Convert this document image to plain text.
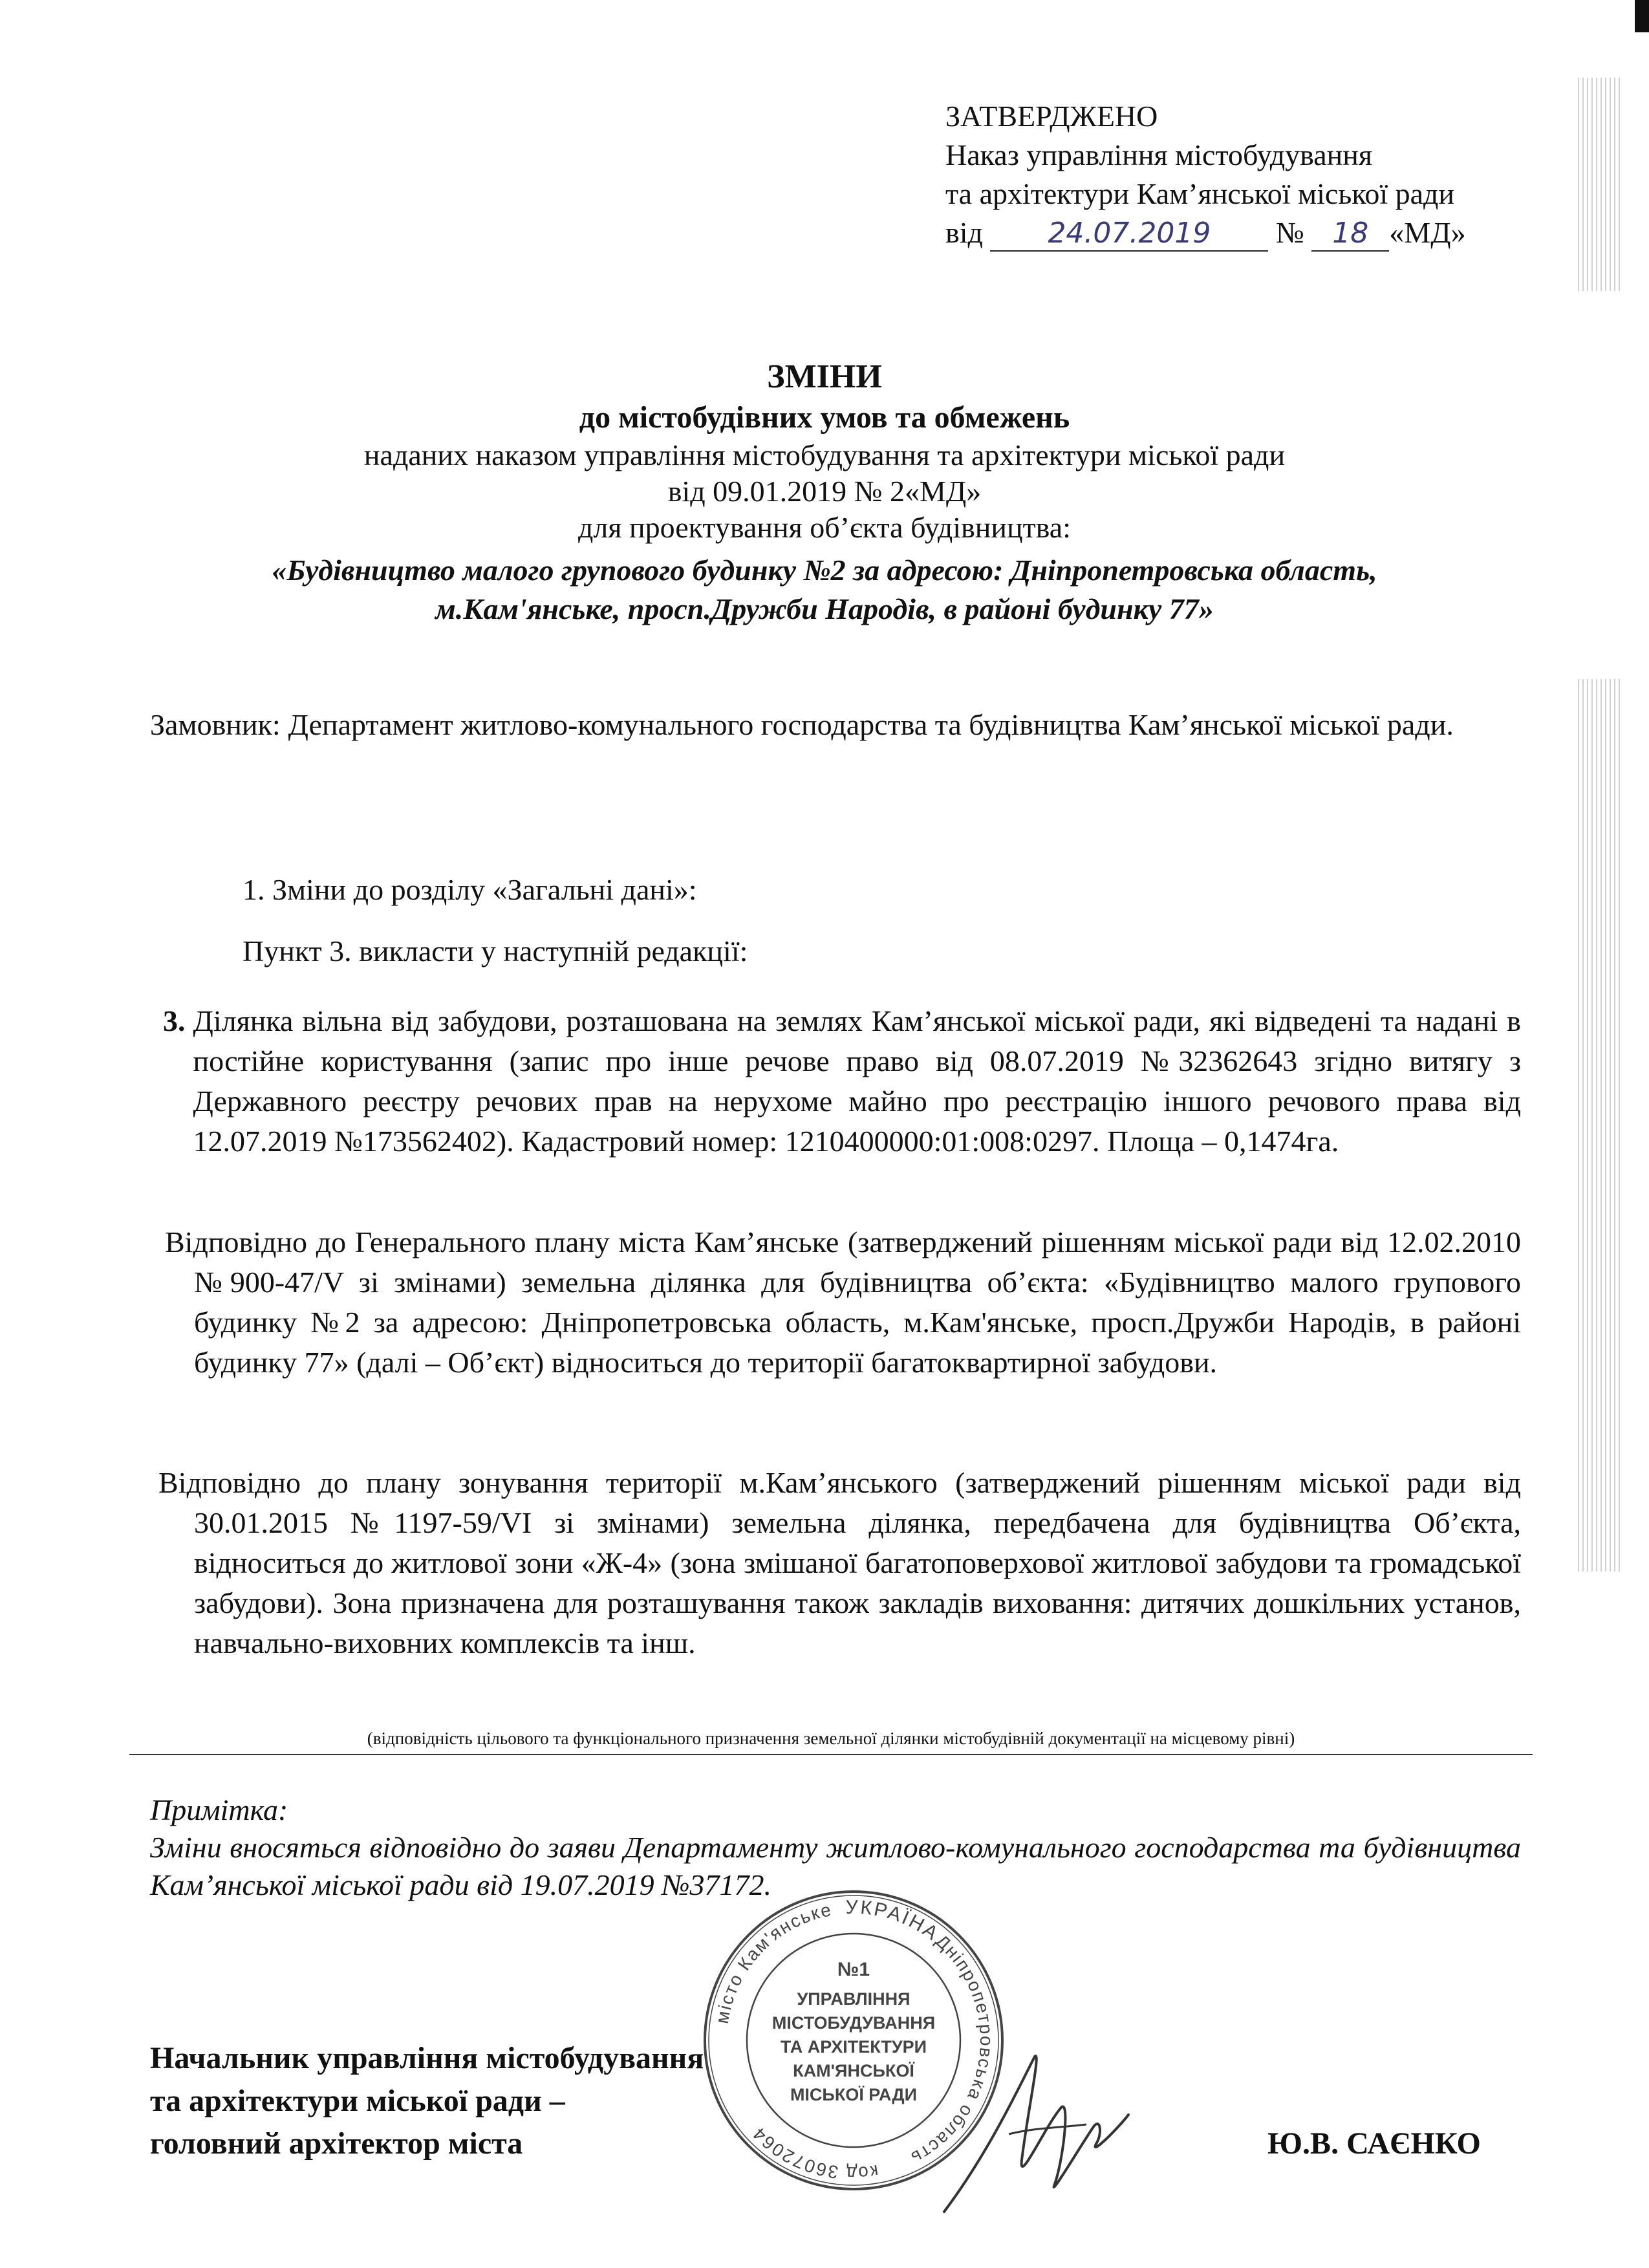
ЗАТВЕРДЖЕНО
Наказ управління містобудування
та архітектури Кам’янської міської ради
від 24.07.2019 № 18 «МД»
ЗМІНИ
до містобудівних умов та обмежень
наданих наказом управління містобудування та архітектури міської ради
від 09.01.2019 № 2«МД»
для проектування об’єкта будівництва:
«Будівництво малого групового будинку №2 за адресою: Дніпропетровська область,
м.Кам'янське, просп.Дружби Народів, в районі будинку 77»
Замовник: Департамент житлово-комунального господарства та будівництва Кам’янської міської ради.
1. Зміни до розділу «Загальні дані»:
Пункт 3. викласти у наступній редакції:
3. Ділянка вільна від забудови, розташована на землях Кам’янської міської ради, які відведені та надані в постійне користування (запис про інше речове право від 08.07.2019 №32362643 згідно витягу з Державного реєстру речових прав на нерухоме майно про реєстрацію іншого речового права від 12.07.2019 №173562402). Кадастровий номер: 1210400000:01:008:0297. Площа – 0,1474га.
Відповідно до Генерального плану міста Кам’янське (затверджений рішенням міської ради від 12.02.2010 №900-47/V зі змінами) земельна ділянка для будівництва об’єкта: «Будівництво малого групового будинку №2 за адресою: Дніпропетровська область, м.Кам'янське, просп.Дружби Народів, в районі будинку 77» (далі – Об’єкт) відноситься до території багатоквартирної забудови.
Відповідно до плану зонування території м.Кам’янського (затверджений рішенням міської ради від 30.01.2015 №1197-59/VI зі змінами) земельна ділянка, передбачена для будівництва Об’єкта, відноситься до житлової зони «Ж-4» (зона змішаної багатоповерхової житлової забудови та громадської забудови). Зона призначена для розташування також закладів виховання: дитячих дошкільних установ, навчально-виховних комплексів та інш.
(відповідність цільового та функціонального призначення земельної ділянки містобудівній документації на місцевому рівні)
Примітка:
Зміни вносяться відповідно до заяви Департаменту житлово-комунального господарства та будівництва Кам’янської міської ради від 19.07.2019 №37172.
УКРАЇНА
місто Кам'янське
Дніпропетровська область
код 36072064
№1
УПРАВЛІННЯ
МІСТОБУДУВАННЯ
ТА АРХІТЕКТУРИ
КАМ'ЯНСЬКОЇ
МІСЬКОЇ РАДИ
Начальник управління містобудування
та архітектури міської ради –
головний архітектор міста	Ю.В. САЄНКО
